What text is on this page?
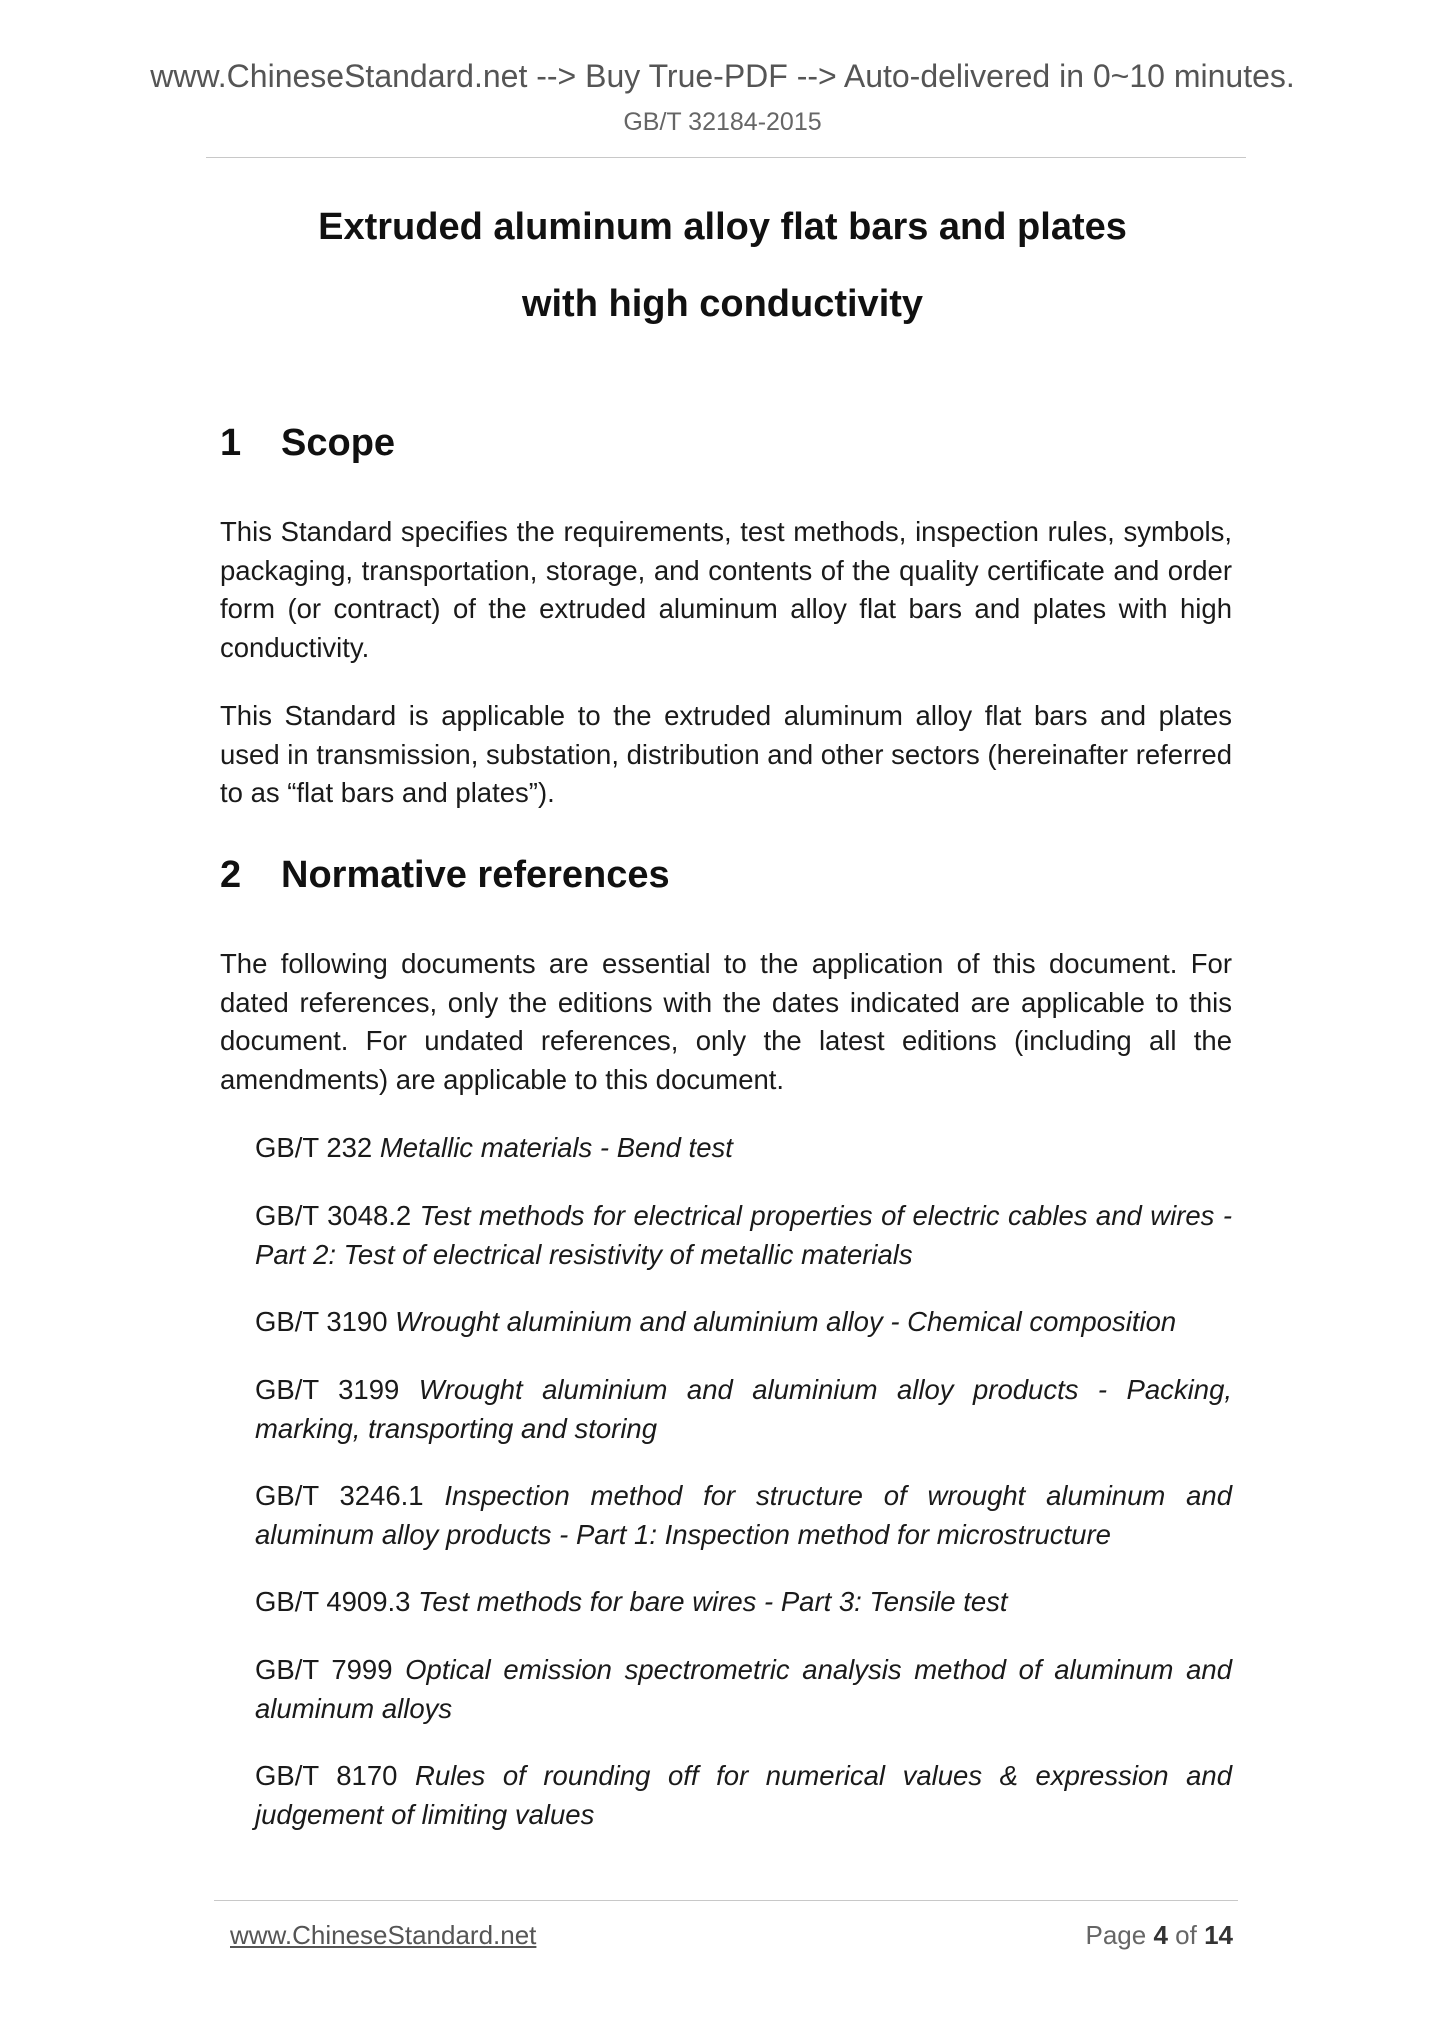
www.ChineseStandard.net --> Buy True-PDF --> Auto-delivered in 0~10 minutes.
GB/T 32184-2015
Extruded aluminum alloy flat bars and plates
with high conductivity
1 Scope
This Standard specifies the requirements, test methods, inspection rules, symbols, packaging, transportation, storage, and contents of the quality certificate and order form (or contract) of the extruded aluminum alloy flat bars and plates with high conductivity.
This Standard is applicable to the extruded aluminum alloy flat bars and plates used in transmission, substation, distribution and other sectors (hereinafter referred to as “flat bars and plates”).
2 Normative references
The following documents are essential to the application of this document. For dated references, only the editions with the dates indicated are applicable to this document. For undated references, only the latest editions (including all the amendments) are applicable to this document.
GB/T 232 Metallic materials - Bend test
GB/T 3048.2 Test methods for electrical properties of electric cables and wires - Part 2: Test of electrical resistivity of metallic materials
GB/T 3190 Wrought aluminium and aluminium alloy - Chemical composition
GB/T 3199 Wrought aluminium and aluminium alloy products - Packing, marking, transporting and storing
GB/T 3246.1 Inspection method for structure of wrought aluminum and aluminum alloy products - Part 1: Inspection method for microstructure
GB/T 4909.3 Test methods for bare wires - Part 3: Tensile test
GB/T 7999 Optical emission spectrometric analysis method of aluminum and aluminum alloys
GB/T 8170 Rules of rounding off for numerical values & expression and judgement of limiting values
www.ChineseStandard.net	Page 4 of 14
